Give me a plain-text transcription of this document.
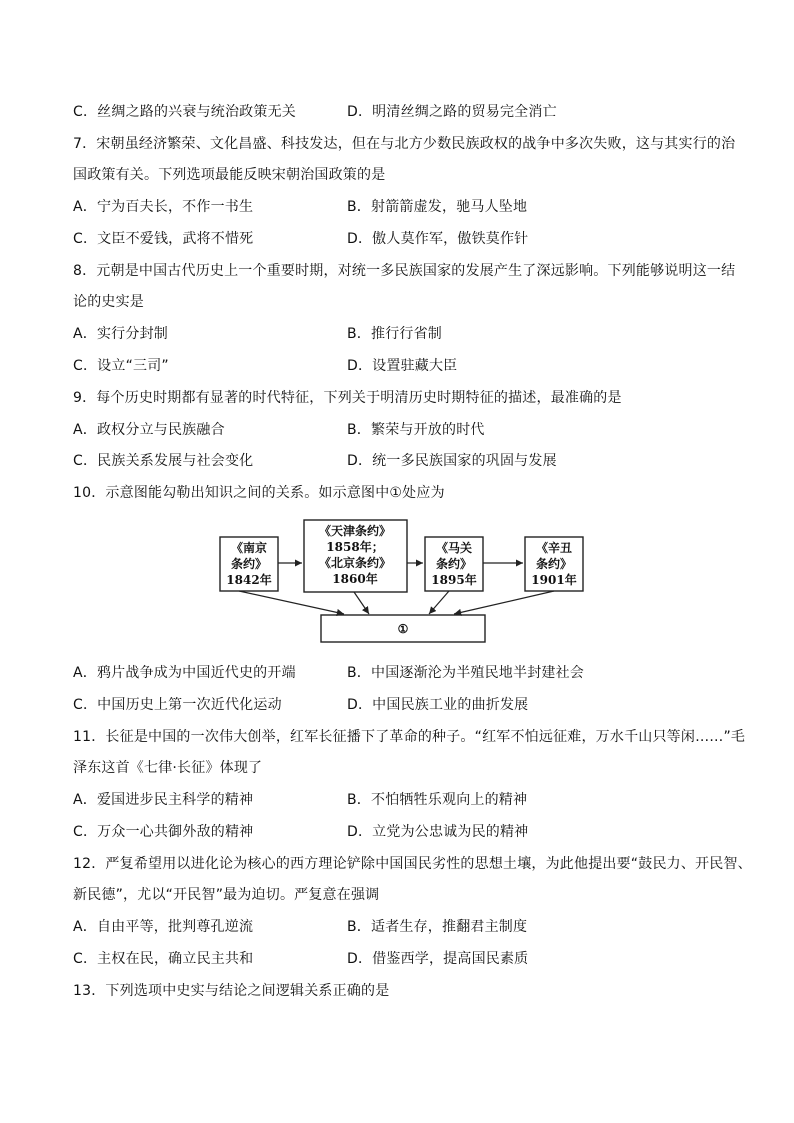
C．丝绸之路的兴衰与统治政策无关	D．明清丝绸之路的贸易完全消亡
7．宋朝虽经济繁荣、文化昌盛、科技发达，但在与北方少数民族政权的战争中多次失败，这与其实行的治
国政策有关。下列选项最能反映宋朝治国政策的是
A．宁为百夫长，不作一书生	B．射箭箭虚发，驰马人坠地
C．文臣不爱钱，武将不惜死	D．傲人莫作军，傲铁莫作针
8．元朝是中国古代历史上一个重要时期，对统一多民族国家的发展产生了深远影响。下列能够说明这一结
论的史实是
A．实行分封制	B．推行行省制
C．设立“三司”	D．设置驻藏大臣
9．每个历史时期都有显著的时代特征，下列关于明清历史时期特征的描述，最准确的是
A．政权分立与民族融合	B．繁荣与开放的时代
C．民族关系发展与社会变化	D．统一多民族国家的巩固与发展
10．示意图能勾勒出知识之间的关系。如示意图中①处应为
《南京
条约》
1842年
《天津条约》
1858年；
《北京条约》
1860年
《马关
条约》
1895年
《辛丑
条约》
1901年
①
A．鸦片战争成为中国近代史的开端	B．中国逐渐沦为半殖民地半封建社会
C．中国历史上第一次近代化运动	D．中国民族工业的曲折发展
11．长征是中国的一次伟大创举，红军长征播下了革命的种子。“红军不怕远征难，万水千山只等闲……”毛
泽东这首《七律·长征》体现了
A．爱国进步民主科学的精神	B．不怕牺牲乐观向上的精神
C．万众一心共御外敌的精神	D．立党为公忠诚为民的精神
12．严复希望用以进化论为核心的西方理论铲除中国国民劣性的思想土壤，为此他提出要“鼓民力、开民智、
新民德”，尤以“开民智”最为迫切。严复意在强调
A．自由平等，批判尊孔逆流	B．适者生存，推翻君主制度
C．主权在民，确立民主共和	D．借鉴西学，提高国民素质
13．下列选项中史实与结论之间逻辑关系正确的是
